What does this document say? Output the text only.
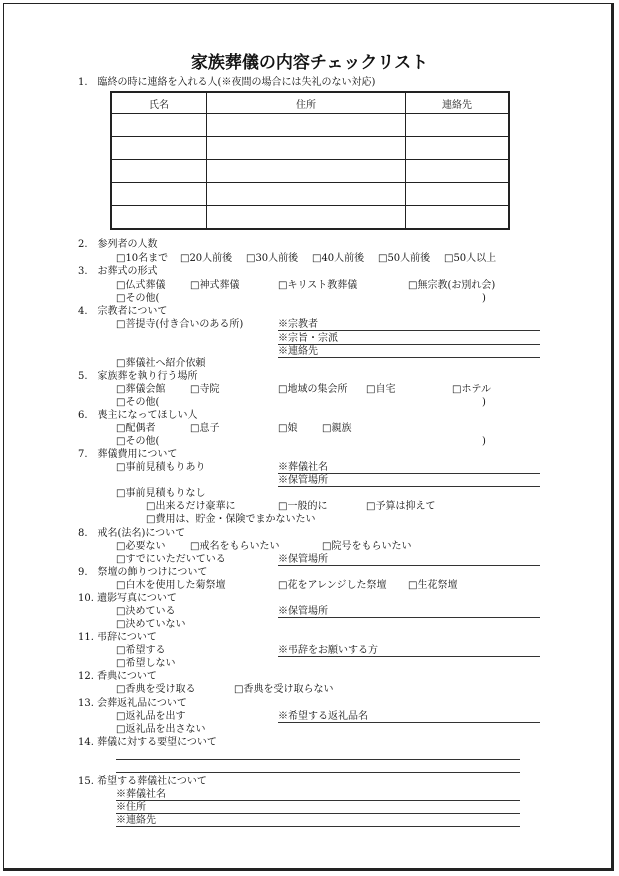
家族葬儀の内容チェックリスト
1.　臨終の時に連絡を入れる人(※夜間の場合には失礼のない対応)
氏名	住所	連絡先

2.　参列者の人数
□10名まで □20人前後 □30人前後 □40人前後 □50人前後 □50人以上
3.　お葬式の形式
□仏式葬儀 □神式葬儀	□キリスト教葬儀	□無宗教(お別れ会)
□その他(	)
4.　宗教者について
□菩提寺(付き合いのある所)	※宗教者
※宗旨・宗派
※連絡先
□葬儀社へ紹介依頼
5.　家族葬を執り行う場所
□葬儀会館 □寺院	□地域の集会所 □自宅	□ホテル
□その他(	)
6.　喪主になってほしい人
□配偶者	□息子	□娘 □親族
□その他(	)
7.　葬儀費用について
□事前見積もりあり	※葬儀社名
※保管場所
□事前見積もりなし
□出来るだけ豪華に	□一般的に	□予算は抑えて
□費用は、貯金・保険でまかないたい
8.　戒名(法名)について
□必要ない □戒名をもらいたい	□院号をもらいたい
□すでにいただいている	※保管場所
9.　祭壇の飾りつけについて
□白木を使用した菊祭壇	□花をアレンジした祭壇 □生花祭壇
10. 遺影写真について
□決めている	※保管場所
□決めていない
11. 弔辞について
□希望する	※弔辞をお願いする方
□希望しない
12. 香典について
□香典を受け取る	□香典を受け取らない
13. 会葬返礼品について
□返礼品を出す	※希望する返礼品名
□返礼品を出さない
14. 葬儀に対する要望について
15. 希望する葬儀社について
※葬儀社名
※住所
※連絡先
